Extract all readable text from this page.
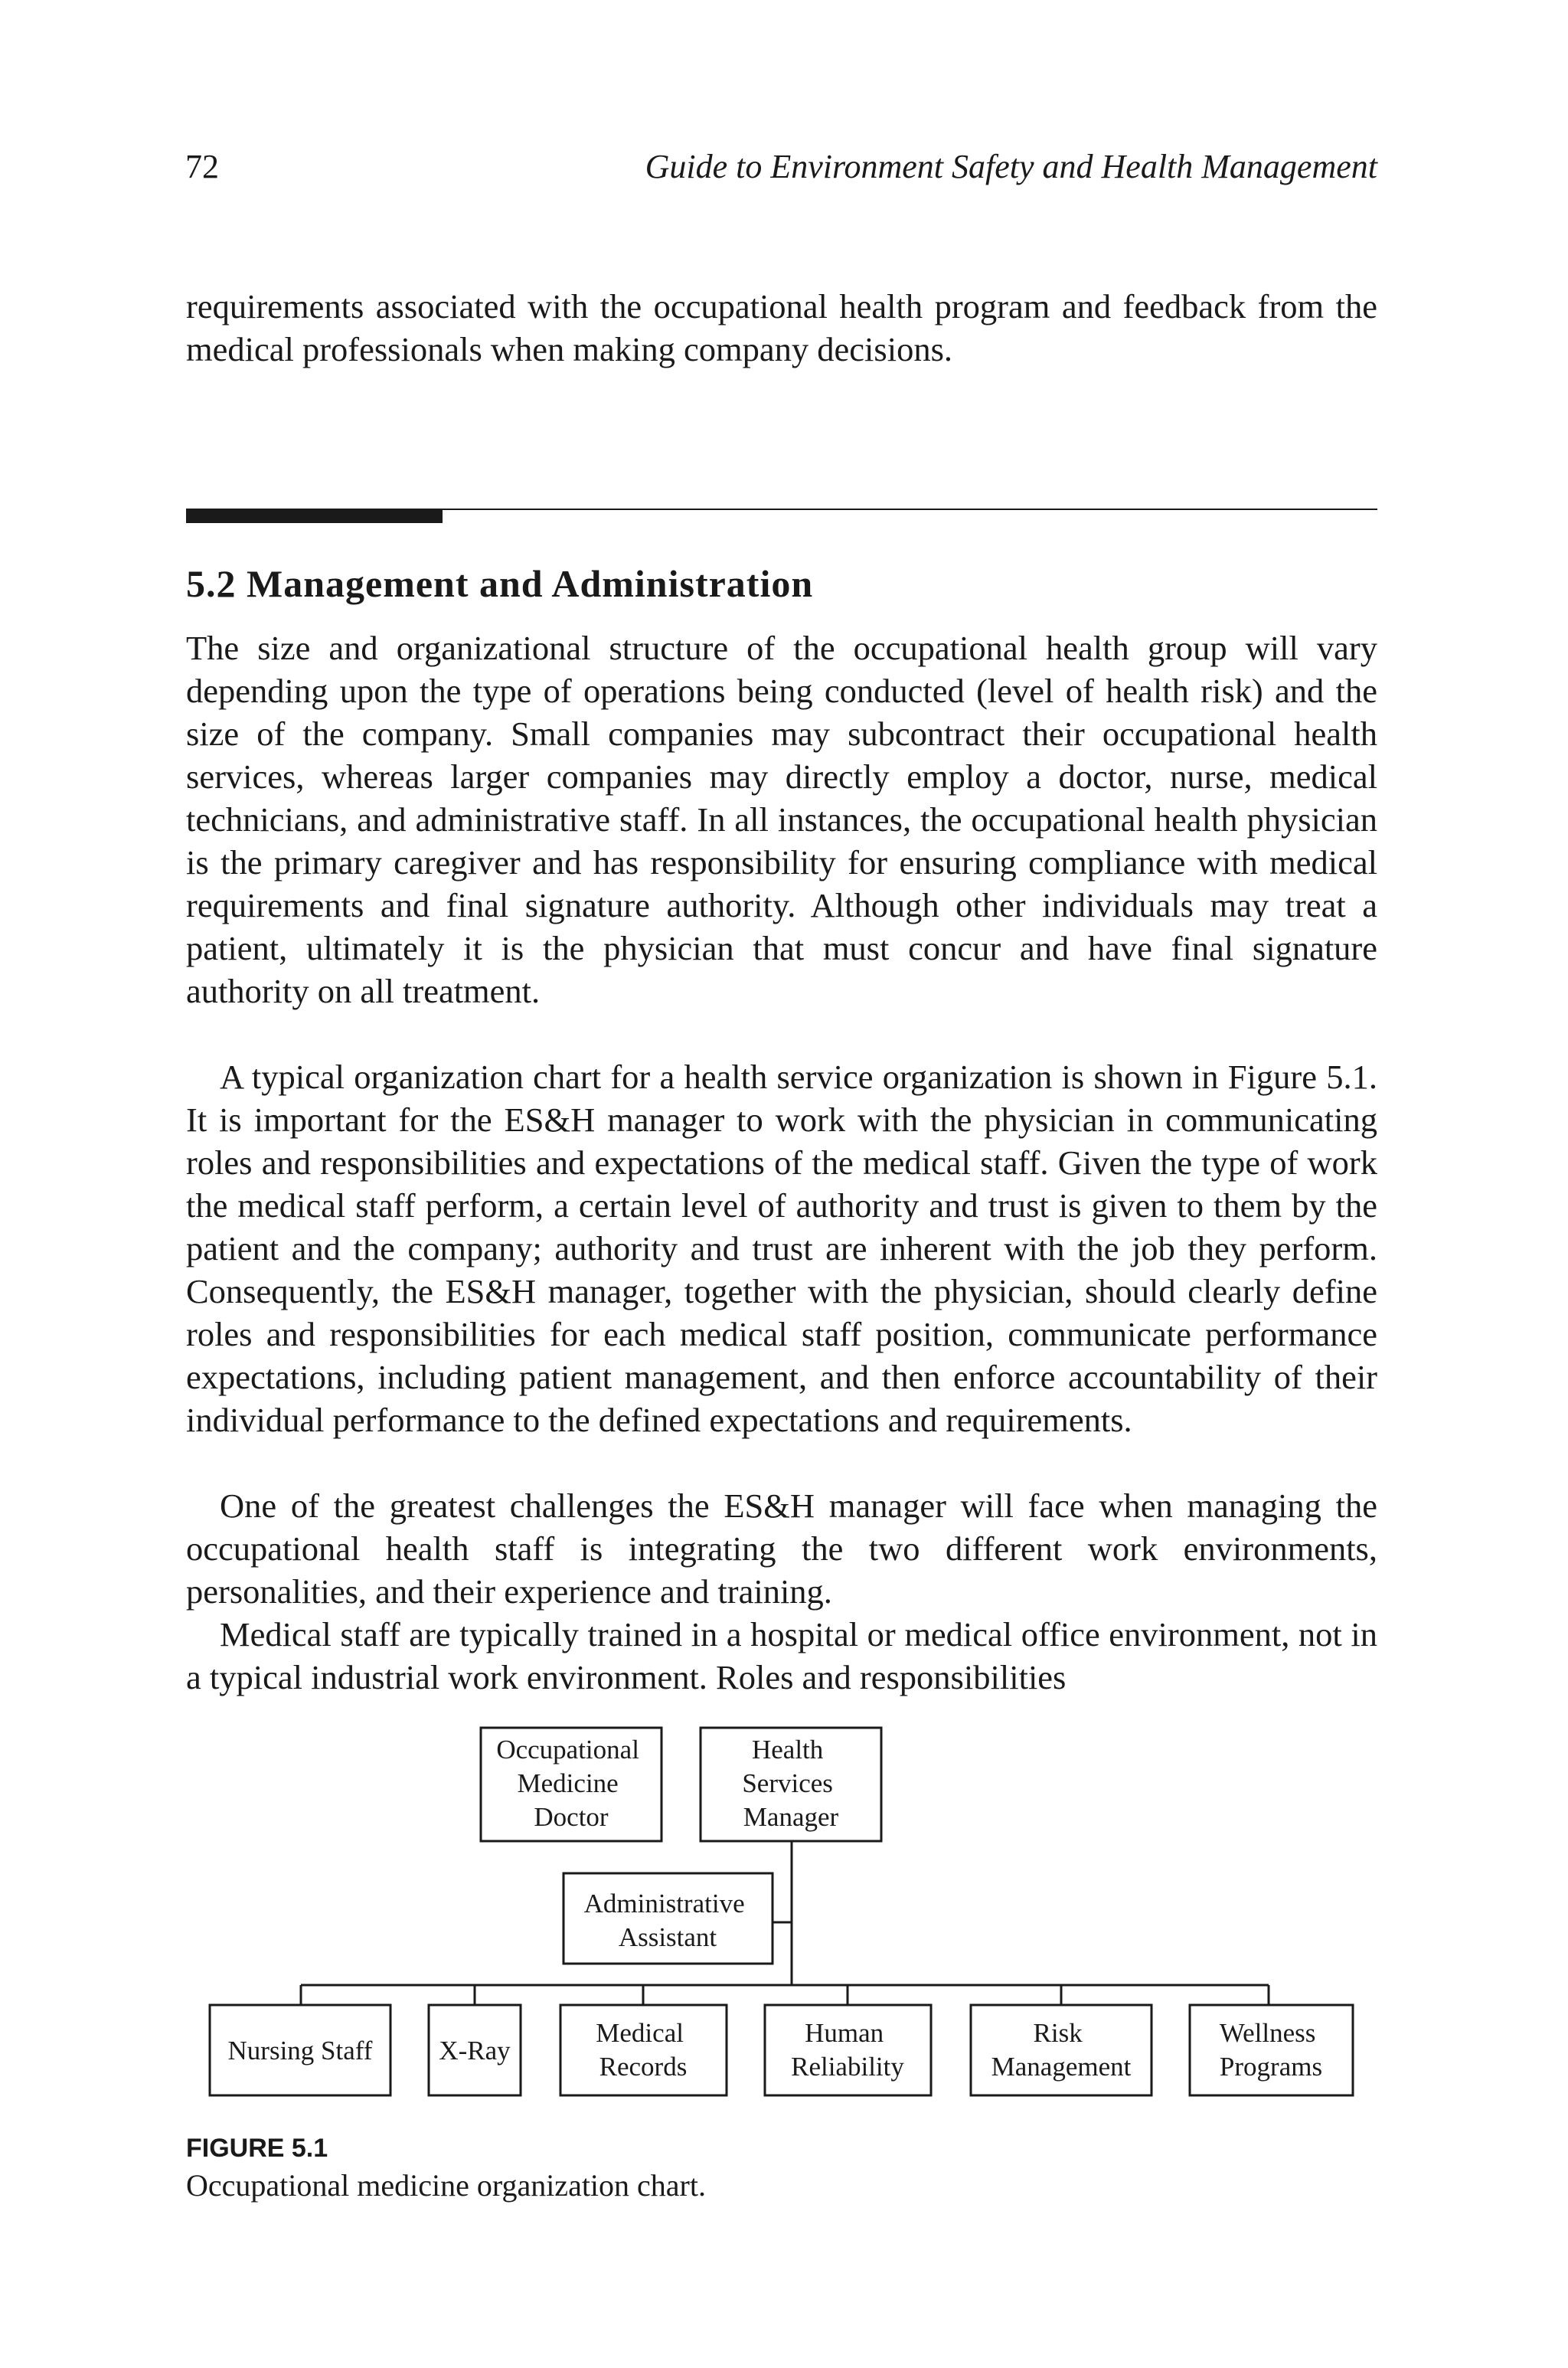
72	Guide to Environment Safety and Health Management

requirements associated with the occupational health program and feedback from the medical professionals when making company decisions.

5.2 Management and Administration

The size and organizational structure of the occupational health group will vary depending upon the type of operations being conducted (level of health risk) and the size of the company. Small companies may subcontract their occupational health services, whereas larger companies may directly employ a doctor, nurse, medical technicians, and administrative staff. In all instances, the occupational health physician is the primary caregiver and has responsibility for ensuring compliance with medical requirements and final signature authority. Although other individuals may treat a patient, ultimately it is the physician that must concur and have final signature authority on all treatment.

A typical organization chart for a health service organization is shown in Figure 5.1. It is important for the ES&H manager to work with the physician in communicating roles and responsibilities and expectations of the medical staff. Given the type of work the medical staff perform, a certain level of authority and trust is given to them by the patient and the company; authority and trust are inherent with the job they perform. Consequently, the ES&H manager, together with the physician, should clearly define roles and responsibilities for each medical staff position, communicate performance expectations, including patient management, and then enforce accountability of their individual performance to the defined expectations and requirements.

One of the greatest challenges the ES&H manager will face when managing the occupational health staff is integrating the two different work environments, personalities, and their experience and training.

Medical staff are typically trained in a hospital or medical office environment, not in a typical industrial work environment. Roles and responsibilities

Occupational Medicine Doctor
Health Services Manager
Administrative Assistant
Nursing Staff X-Ray
Medical Records
Human Reliability
Risk Management
Wellness Programs
FIGURE 5.1
Occupational medicine organization chart.
